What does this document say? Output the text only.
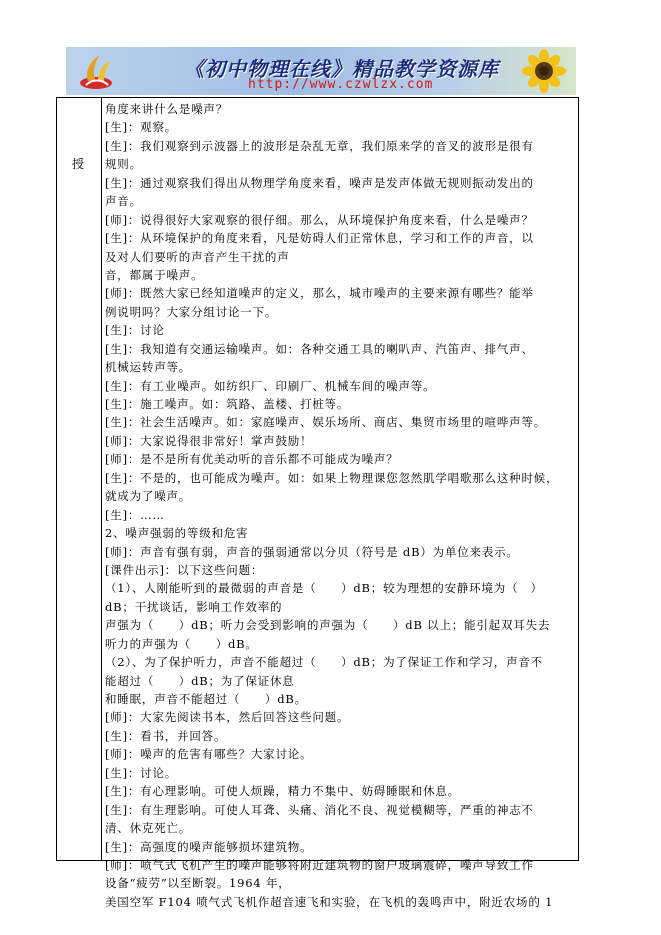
《初中物理在线》精品教学资源库
http://www.czwlzx.com
授
角度来讲什么是噪声？
[生]：观察。
[生]：我们观察到示波器上的波形是杂乱无章，我们原来学的音叉的波形是很有
规则。
[生]：通过观察我们得出从物理学角度来看，噪声是发声体做无规则振动发出的
声音。
[师]：说得很好大家观察的很仔细。那么，从环境保护角度来看，什么是噪声？
[生]：从环境保护的角度来看，凡是妨碍人们正常休息，学习和工作的声音，以
及对人们要听的声音产生干扰的声
音，都属于噪声。
[师]：既然大家已经知道噪声的定义，那么，城市噪声的主要来源有哪些？能举
例说明吗？大家分组讨论一下。
[生]：讨论
[生]：我知道有交通运输噪声。如：各种交通工具的喇叭声、汽笛声、排气声、
机械运转声等。
[生]：有工业噪声。如纺织厂、印刷厂、机械车间的噪声等。
[生]：施工噪声。如：筑路、盖楼、打桩等。
[生]：社会生活噪声。如：家庭噪声、娱乐场所、商店、集贸市场里的喧哗声等。
[师]：大家说得很非常好！掌声鼓励！
[师]：是不是所有优美动听的音乐都不可能成为噪声？
[生]：不是的，也可能成为噪声。如：如果上物理课您忽然肌学唱歌那么这种时候，
就成为了噪声。
[生]：……
2、噪声强弱的等级和危害
[师]：声音有强有弱，声音的强弱通常以分贝（符号是 dB）为单位来表示。
[课件出示]：以下这些问题：
（1）、人刚能听到的最微弱的声音是（　　）dB；较为理想的安静环境为（　）
dB；干扰谈话，影响工作效率的
声强为（　　）dB；听力会受到影响的声强为（　　）dB 以上；能引起双耳失去
听力的声强为（　　）dB。
（2）、为了保护听力，声音不能超过（　　）dB；为了保证工作和学习，声音不
能超过（　　）dB；为了保证休息
和睡眠，声音不能超过（　　）dB。
[师]：大家先阅读书本，然后回答这些问题。
[生]：看书，并回答。
[师]：噪声的危害有哪些？大家讨论。
[生]：讨论。
[生]：有心理影响。可使人烦躁，精力不集中、妨碍睡眠和休息。
[生]：有生理影响。可使人耳聋、头痛、消化不良、视觉模糊等，严重的神志不
清、休克死亡。
[生]：高强度的噪声能够损坏建筑物。
[师]：喷气式飞机产生的噪声能够将附近建筑物的窗户玻璃震碎，噪声导致工作
设备“疲劳”以至断裂。1964 年，
美国空军 F104 喷气式飞机作超音速飞和实验，在飞机的轰鸣声中，附近农场的 1
